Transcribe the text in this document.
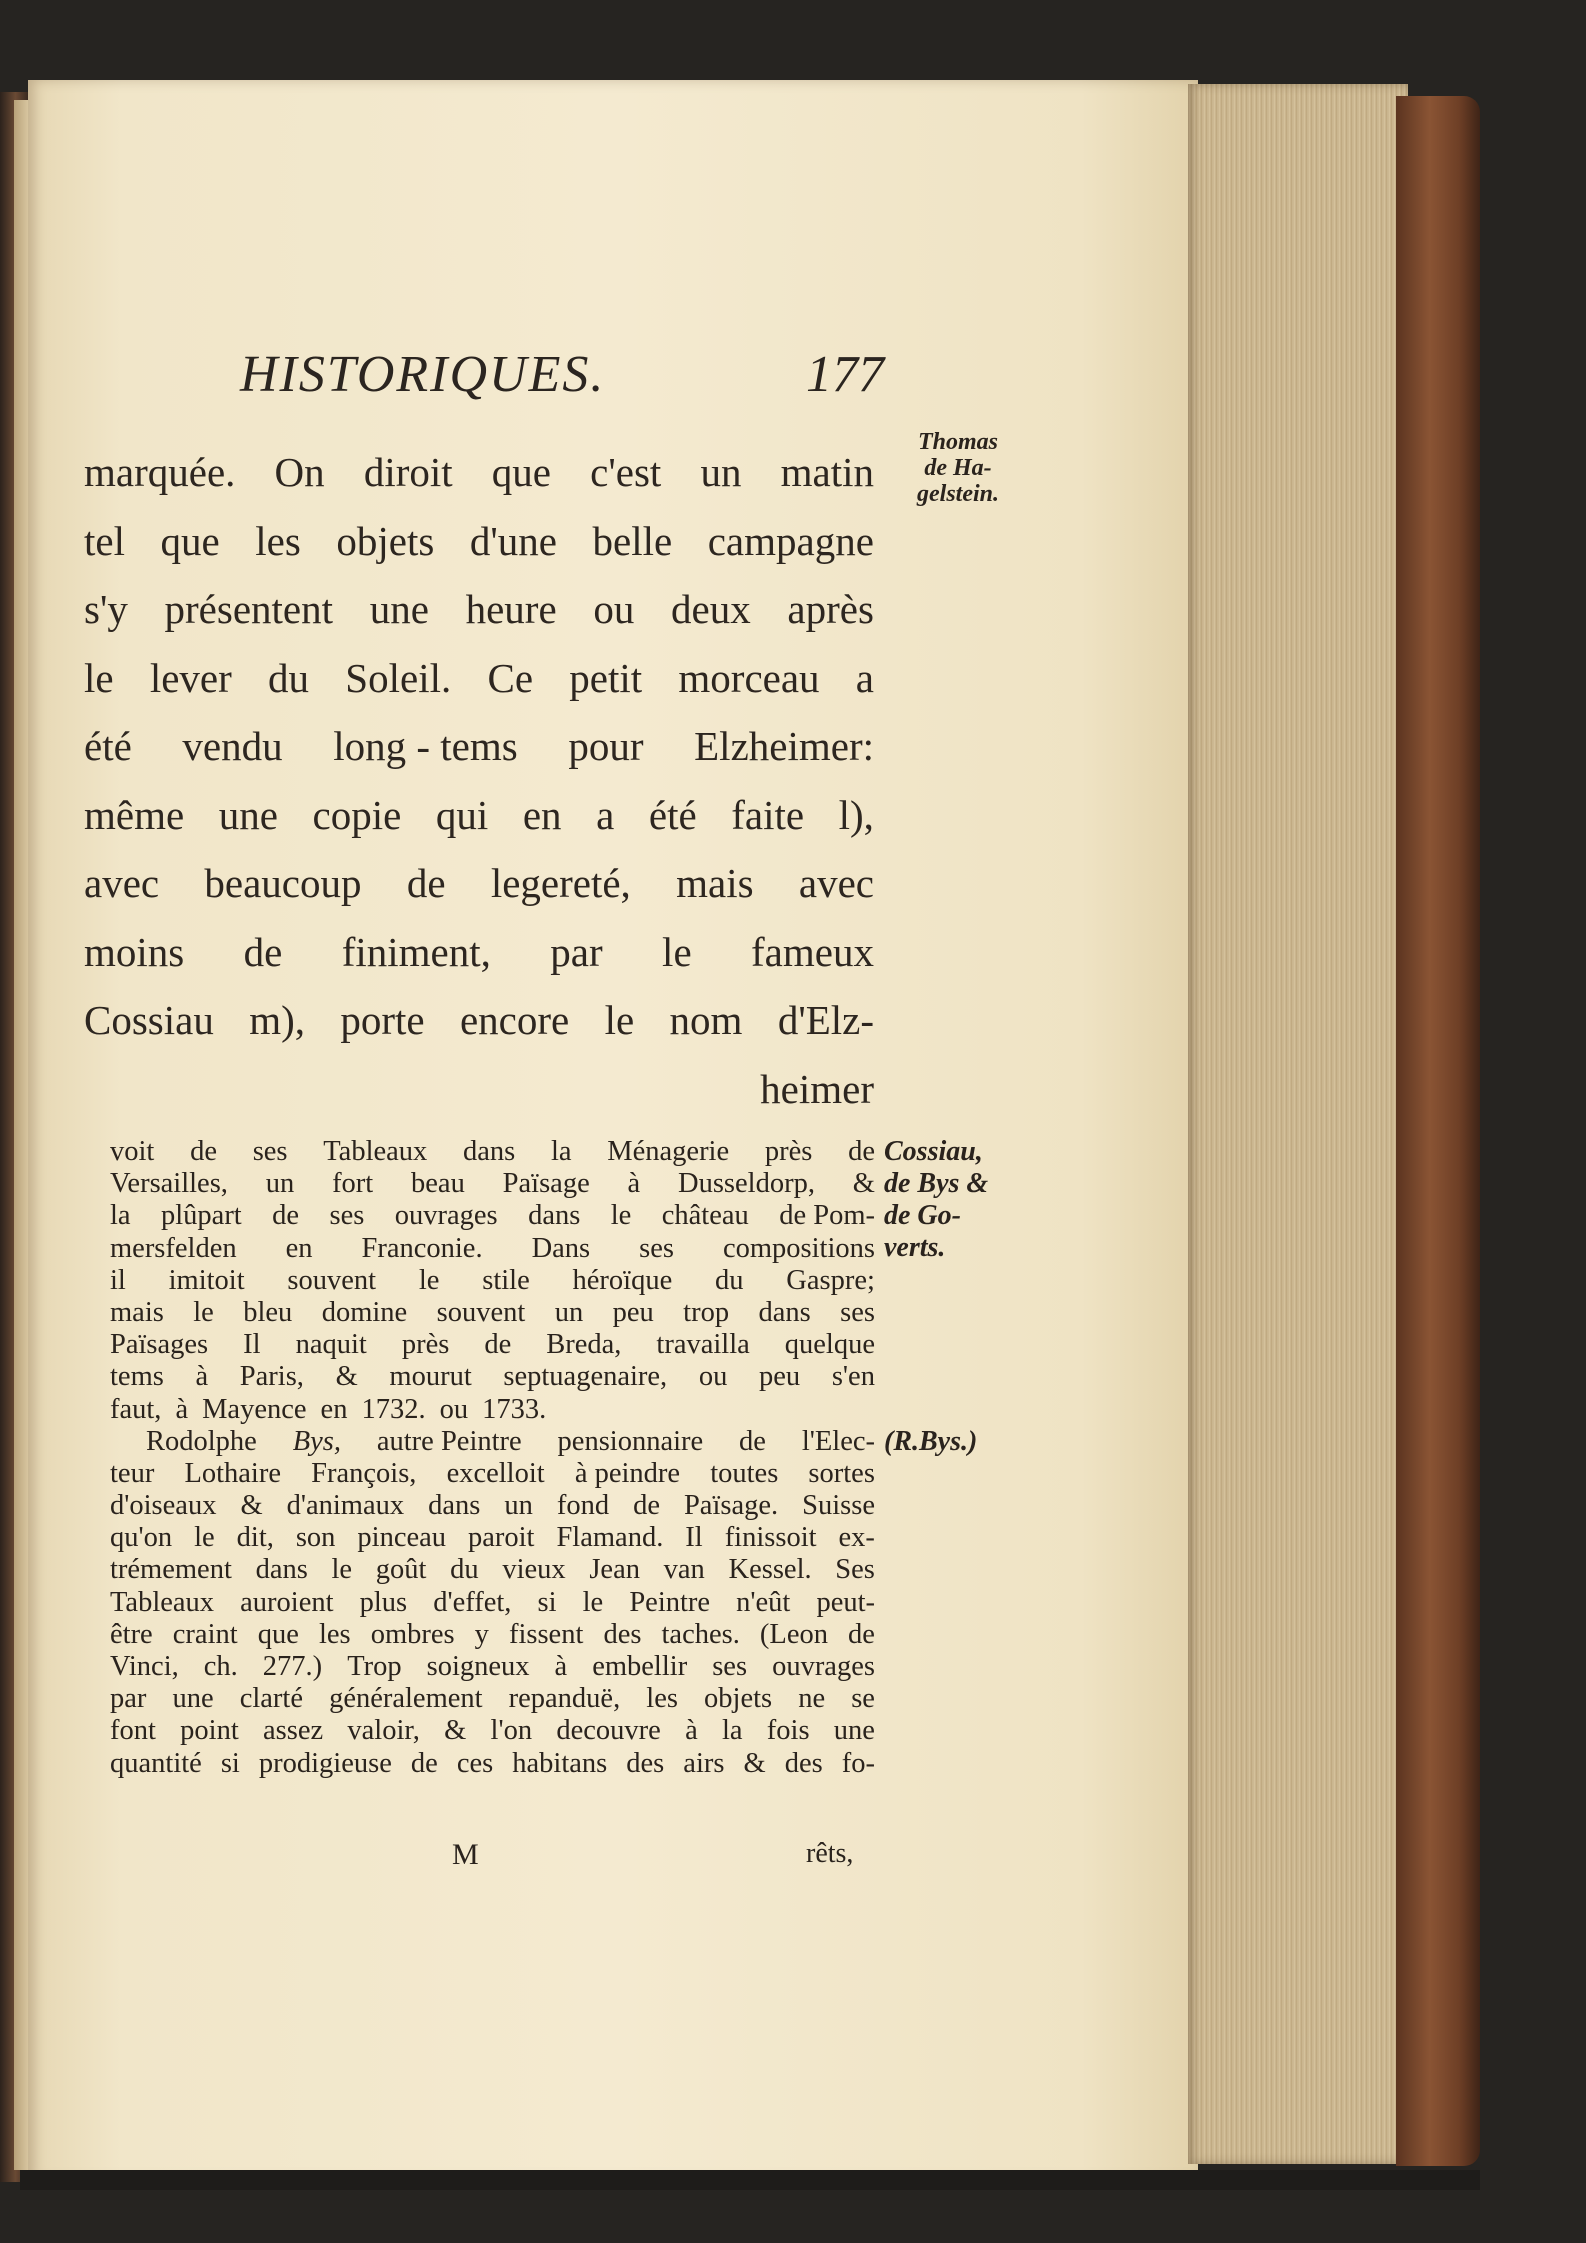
HISTORIQUES.	177
marquée. On diroit que c'est un matin
tel que les objets d'une belle campagne
s'y présentent une heure ou deux après
le lever du Soleil. Ce petit morceau a
été vendu long - tems pour Elzheimer:
même une copie qui en a été faite l),
avec beaucoup de legereté, mais avec
moins de finiment, par le fameux
Cossiau m), porte encore le nom d'Elz-
heimer
Thomas
de Ha-
gelstein.
voit de ses Tableaux dans la Ménagerie près de
Versailles, un fort beau Païsage à Dusseldorp, &
la plûpart de ses ouvrages dans le château de Pom-
mersfelden en Franconie. Dans ses compositions
il imitoit souvent le stile héroïque du Gaspre;
mais le bleu domine souvent un peu trop dans ses
Païsages Il naquit près de Breda, travailla quelque
tems à Paris, & mourut septuagenaire, ou peu s'en
faut, à Mayence en 1732. ou 1733.
Rodolphe Bys, autre Peintre pensionnaire de l'Elec-
teur Lothaire François, excelloit à peindre toutes sortes
d'oiseaux & d'animaux dans un fond de Païsage. Suisse
qu'on le dit, son pinceau paroit Flamand. Il finissoit ex-
trémement dans le goût du vieux Jean van Kessel. Ses
Tableaux auroient plus d'effet, si le Peintre n'eût peut-
être craint que les ombres y fissent des taches. (Leon de
Vinci, ch. 277.) Trop soigneux à embellir ses ouvrages
par une clarté généralement repanduë, les objets ne se
font point assez valoir, & l'on decouvre à la fois une
quantité si prodigieuse de ces habitans des airs & des fo-
Cossiau,
de Bys &
de Go-
verts.
(R.Bys.)
M	rêts,
